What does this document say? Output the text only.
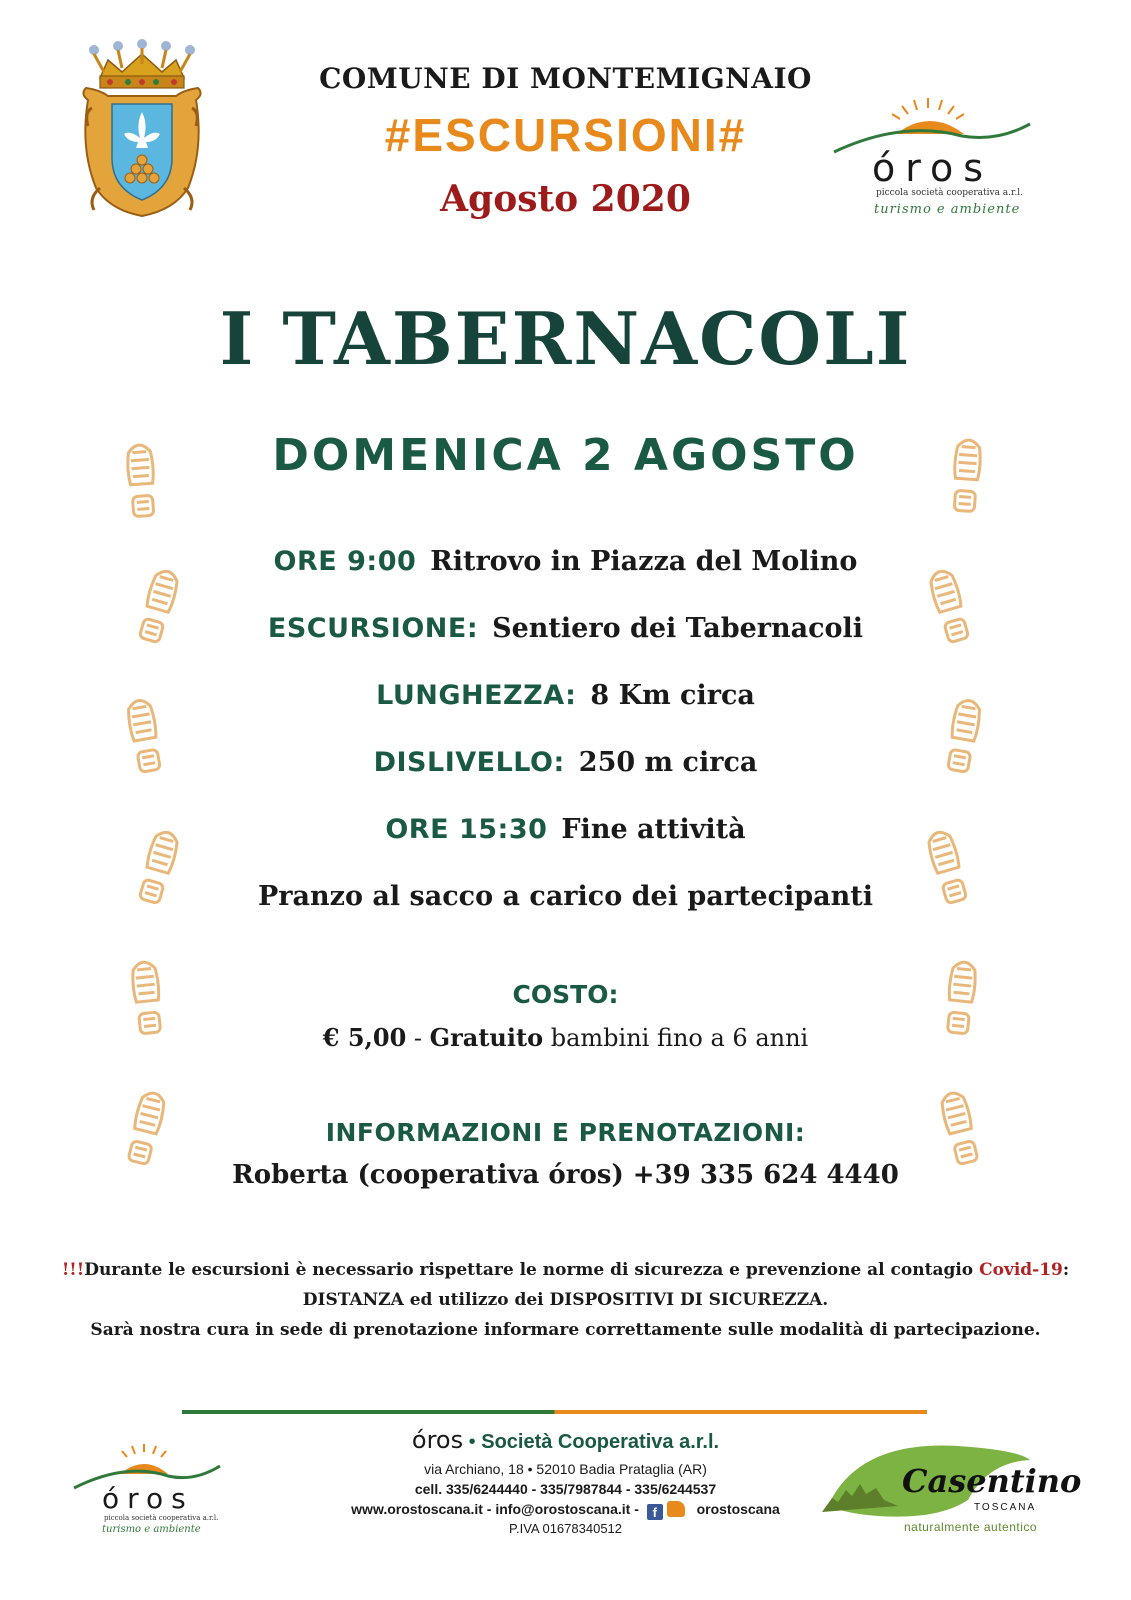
COMUNE DI MONTEMIGNAIO
#ESCURSIONI#
Agosto 2020
óros
piccola società cooperativa a.r.l.
turismo e ambiente
I TABERNACOLI
DOMENICA 2 AGOSTO
ORE 9:00 Ritrovo in Piazza del Molino
ESCURSIONE: Sentiero dei Tabernacoli
LUNGHEZZA: 8 Km circa
DISLIVELLO: 250 m circa
ORE 15:30 Fine attività
Pranzo al sacco a carico dei partecipanti
COSTO:
€ 5,00 - Gratuito bambini fino a 6 anni
INFORMAZIONI E PRENOTAZIONI:
Roberta (cooperativa óros) +39 335 624 4440
!!!Durante le escursioni è necessario rispettare le norme di sicurezza e prevenzione al contagio Covid-19:
DISTANZA ed utilizzo dei DISPOSITIVI DI SICUREZZA.
Sarà nostra cura in sede di prenotazione informare correttamente sulle modalità di partecipazione.
óros
piccola società cooperativa a.r.l.
turismo e ambiente
óros • Società Cooperativa a.r.l.
via Archiano, 18 • 52010 Badia Prataglia (AR)
cell. 335/6244440 - 335/7987844 - 335/6244537
www.orostoscana.it - info@orostoscana.it - f	orostoscana
P.IVA 01678340512
Casentino
TOSCANA
naturalmente autentico
